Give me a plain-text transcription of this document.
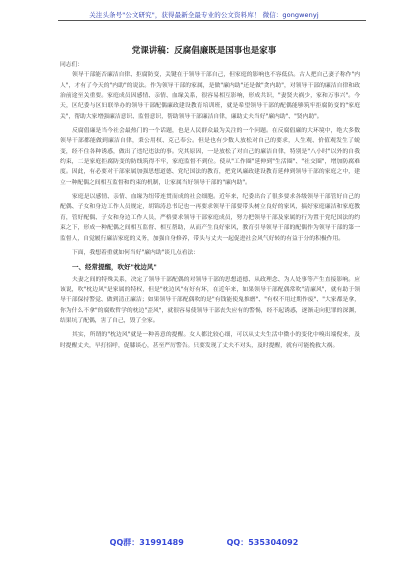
关注头条号"公文研究"，获得最新全最专业的公文资料库！ 微信：gongwenyj
党课讲稿：反腐倡廉既是国事也是家事

同志们：

领导干部能否廉洁自律、拒腐防变，关键在于领导干部自己，但家庭的影响也不容低估。古人把自己妻子称作"内人"，才有了今天的"内助"的说法。作为领导干部的家属，是做"廉内助"还是做"贪内助"，对领导干部的廉洁自律和政治前途至关重要。家庭成员因感情、亲情、血缘关系，很容易相互影响，形成共识，"妻贤夫祸少，家和万事兴"。今天，区纪委与区妇联举办的领导干部配偶廉政建设教育培训班，就是希望领导干部的配偶能够筑牢拒腐防变的"家庭关"，帮助大家增强廉洁意识、监督意识，帮助领导干部廉洁自律，廉助丈夫当好"廉内助"、"贤内助"。

反腐倡廉是当今社会最热门的一个话题，也是人民群众最为关注的一个问题。在反腐倡廉的大环境中，绝大多数领导干部都能做到廉洁自律，秉公用权、克己奉公。但是也有少数人放松对自己的要求，人生观、价值观发生了蜕变，经不住各种诱惑，做出了违纪违法的事。究其原因，一是放松了对自己的廉洁自律，特别是"八小时"以外的自我约束，二是家庭拒腐防变的防线筑得不牢，家庭监督不到位。使从"工作圈"延伸到"生活圈"、"社交圈"，增加防腐难度。因此，有必要对干部家属加强思想道德、党纪国法的教育，把党风廉政建设教育延伸到领导干部的家庭之中，建立一种配偶之间相互监督和约束的机制，让家属当好领导干部的"廉内助"。

家庭是以感情、亲情、血缘为纽带连贯而成的社会细胞。近年来，纪委出台了很多要求各级领导干部管好自己的配偶、子女和身边工作人员规定，胡锦涛总书记也一再要求领导干部要带头树立良好的家风，搞好家庭廉洁和家庭教育，管好配偶、子女和身边工作人员，严格要求领导干部家庭成员，努力把领导干部及家属的行为置于党纪国法的约束之下，形成一种配偶之间相互监督、相互帮助，从而产生良好家风，教育引导领导干部的配偶作为领导干部的第一监督人，自觉履行廉洁家庭的义务，加强自身修养，带头与丈夫一起促进社会风气好转的有益于分的积极作用。

下面，我想着重就如何当好"廉内助"谈几点看法：

一、经常提醒，吹好"枕边风"

夫妻之间的特殊关系，决定了领导干部配偶的对领导干部的思想道德、从政理念、为人处事等产生直接影响。应该说，吹"枕边风"是家属的特权，但是"枕边风"有好有坏，在近年来，如果领导干部配偶常吹"清廉风"，就有助于领导干部保持警觉、做到清正廉洁；如果领导干部配偶吹的是"有钱能使鬼推磨"、"有权不用过期作废"、"大家都是拿，你为什么不拿"的腐败哲学的枕边"歪风"，就很容易使领导干部丧失应有的警惕，经不起诱惑，逐渐走向犯罪的深渊，结果坑了配偶，害了自己，毁了全家。

其实，所谓的"枕边风"就是一种善意的提醒。女人都比较心细，可以从丈夫生活中微小的变化中嗅出端倪来，及时提醒丈夫，早打招呼，促膝谈心，甚至严厉警告。只要发现了丈夫不对头，及时提醒，就有可能挽救大祸。

QQ群：31991489	QQ：535304092
